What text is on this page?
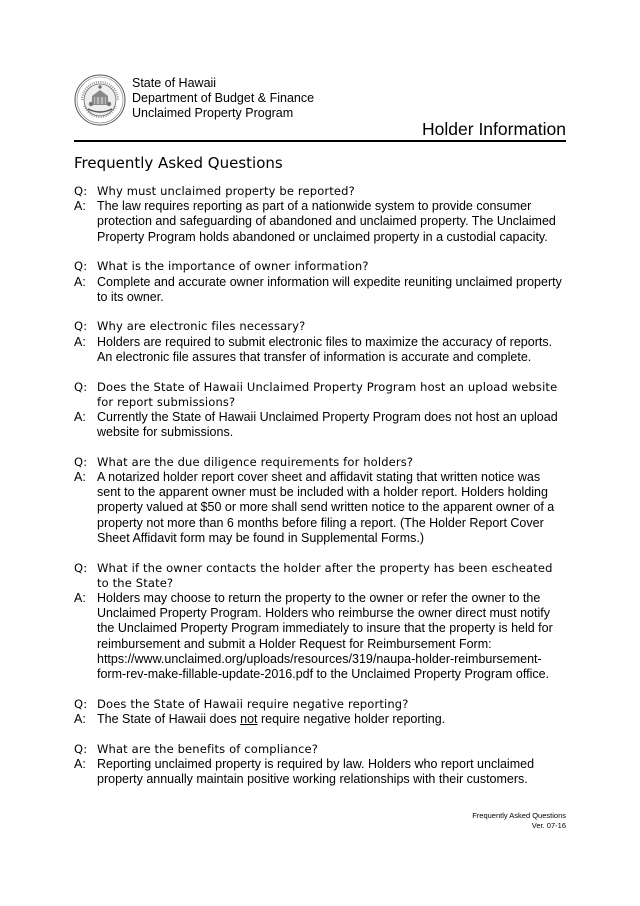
State of Hawaii
Department of Budget & Finance
Unclaimed Property Program
Holder Information
Frequently Asked Questions
Q: Why must unclaimed property be reported?
A: The law requires reporting as part of a nationwide system to provide consumer
protection and safeguarding of abandoned and unclaimed property. The Unclaimed
Property Program holds abandoned or unclaimed property in a custodial capacity.
Q: What is the importance of owner information?
A: Complete and accurate owner information will expedite reuniting unclaimed property
to its owner.
Q: Why are electronic files necessary?
A: Holders are required to submit electronic files to maximize the accuracy of reports.
An electronic file assures that transfer of information is accurate and complete.
Q: Does the State of Hawaii Unclaimed Property Program host an upload website
for report submissions?
A: Currently the State of Hawaii Unclaimed Property Program does not host an upload
website for submissions.
Q: What are the due diligence requirements for holders?
A: A notarized holder report cover sheet and affidavit stating that written notice was
sent to the apparent owner must be included with a holder report. Holders holding
property valued at $50 or more shall send written notice to the apparent owner of a
property not more than 6 months before filing a report. (The Holder Report Cover
Sheet Affidavit form may be found in Supplemental Forms.)
Q: What if the owner contacts the holder after the property has been escheated
to the State?
A: Holders may choose to return the property to the owner or refer the owner to the
Unclaimed Property Program. Holders who reimburse the owner direct must notify
the Unclaimed Property Program immediately to insure that the property is held for
reimbursement and submit a Holder Request for Reimbursement Form:
https://www.unclaimed.org/uploads/resources/319/naupa-holder-reimbursement-
form-rev-make-fillable-update-2016.pdf to the Unclaimed Property Program office.
Q: Does the State of Hawaii require negative reporting?
A: The State of Hawaii does not require negative holder reporting.
Q: What are the benefits of compliance?
A: Reporting unclaimed property is required by law. Holders who report unclaimed
property annually maintain positive working relationships with their customers.
Frequently Asked Questions
Ver. 07-16
